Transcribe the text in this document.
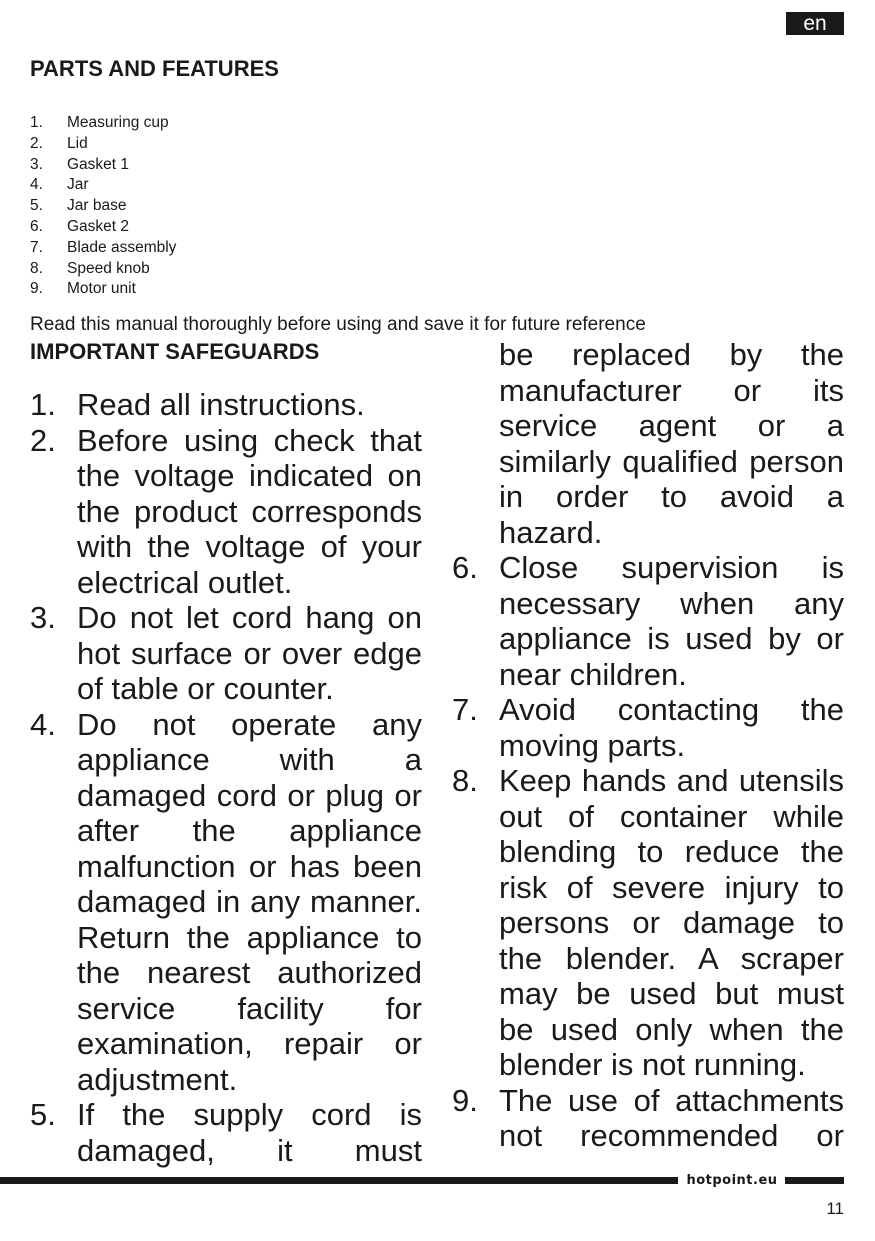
en
PARTS AND FEATURES
1.	Measuring cup
2.	Lid
3.	Gasket 1
4.	Jar
5.	Jar base
6.	Gasket 2
7.	Blade assembly
8.	Speed knob
9.	Motor unit

Read this manual thoroughly before using and save it for future reference

IMPORTANT SAFEGUARDS
1. Read all instructions.
2. Before using check that the voltage indicated on the product corresponds with the voltage of your electrical outlet.
3. Do not let cord hang on hot surface or over edge of table or counter.
4. Do not operate any appliance with a damaged cord or plug or after the appliance malfunction or has been damaged in any manner. Return the appliance to the nearest authorized service facility for examination, repair or adjustment.
5. If the supply cord is damaged, it must
be replaced by the manufacturer or its service agent or a similarly qualified person in order to avoid a hazard.
6. Close supervision is necessary when any appliance is used by or near children.
7. Avoid contacting the moving parts.
8. Keep hands and utensils out of container while blending to reduce the risk of severe injury to persons or damage to the blender. A scraper may be used but must be used only when the blender is not running.
9. The use of attachments not recommended or
hotpoint.eu
11
